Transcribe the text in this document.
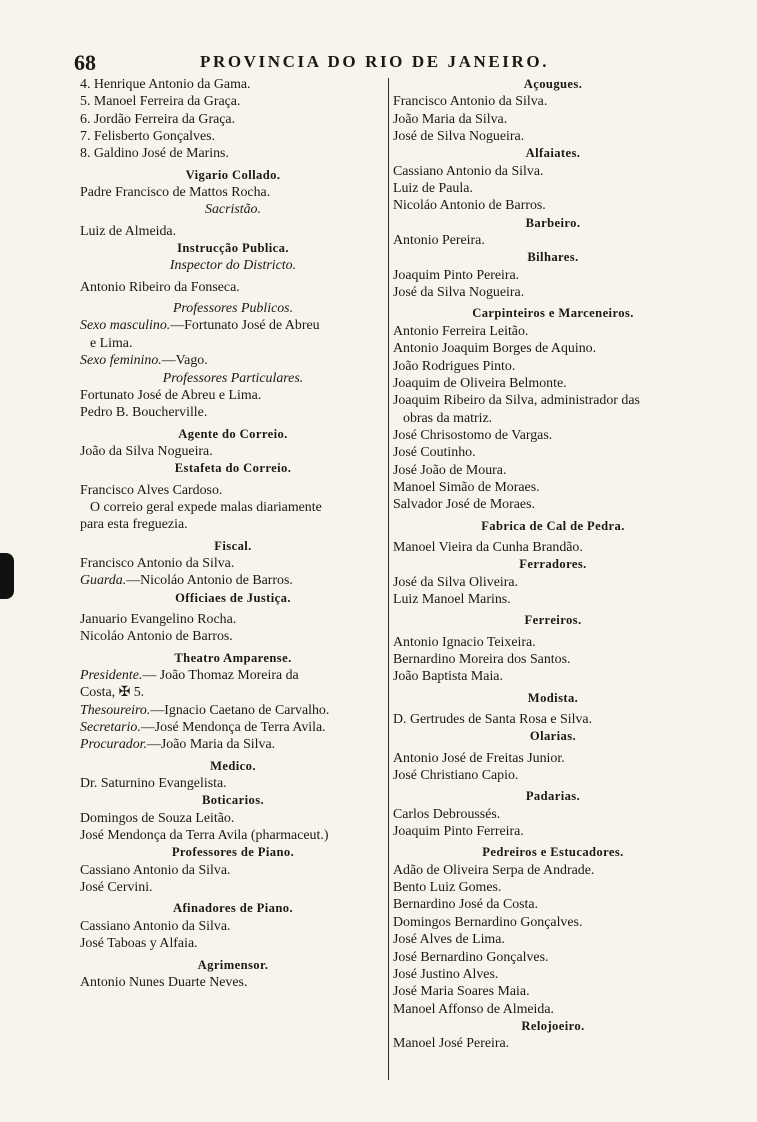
68	PROVINCIA DO RIO DE JANEIRO.
4. Henrique Antonio da Gama.
5. Manoel Ferreira da Graça.
6. Jordão Ferreira da Graça.
7. Felisberto Gonçalves.
8. Galdino José de Marins.
Vigario Collado.
Padre Francisco de Mattos Rocha.
Sacristão.
Luiz de Almeida.
Instrucção Publica.
Inspector do Districto.
Antonio Ribeiro da Fonseca.
Professores Publicos.
Sexo masculino.—Fortunato José de Abreu
e Lima.
Sexo feminino.—Vago.
Professores Particulares.
Fortunato José de Abreu e Lima.
Pedro B. Boucherville.
Agente do Correio.
João da Silva Nogueira.
Estafeta do Correio.
Francisco Alves Cardoso.
O correio geral expede malas diariamente
para esta freguezia.
Fiscal.
Francisco Antonio da Silva.
Guarda.—Nicoláo Antonio de Barros.
Officiaes de Justiça.
Januario Evangelino Rocha.
Nicoláo Antonio de Barros.
Theatro Amparense.
Presidente.— João Thomaz Moreira da
Costa, ✠ 5.
Thesoureiro.—Ignacio Caetano de Carvalho.
Secretario.—José Mendonça de Terra Avila.
Procurador.—João Maria da Silva.
Medico.
Dr. Saturnino Evangelista.
Boticarios.
Domingos de Souza Leitão.
José Mendonça da Terra Avila (pharmaceut.)
Professores de Piano.
Cassiano Antonio da Silva.
José Cervini.
Afinadores de Piano.
Cassiano Antonio da Silva.
José Taboas y Alfaia.
Agrimensor.
Antonio Nunes Duarte Neves.
Açougues.
Francisco Antonio da Silva.
João Maria da Silva.
José de Silva Nogueira.
Alfaiates.
Cassiano Antonio da Silva.
Luiz de Paula.
Nicoláo Antonio de Barros.
Barbeiro.
Antonio Pereira.
Bilhares.
Joaquim Pinto Pereira.
José da Silva Nogueira.
Carpinteiros e Marceneiros.
Antonio Ferreira Leitão.
Antonio Joaquim Borges de Aquino.
João Rodrigues Pinto.
Joaquim de Oliveira Belmonte.
Joaquim Ribeiro da Silva, administrador das
obras da matriz.
José Chrisostomo de Vargas.
José Coutinho.
José João de Moura.
Manoel Simão de Moraes.
Salvador José de Moraes.
Fabrica de Cal de Pedra.
Manoel Vieira da Cunha Brandão.
Ferradores.
José da Silva Oliveira.
Luiz Manoel Marins.
Ferreiros.
Antonio Ignacio Teixeira.
Bernardino Moreira dos Santos.
João Baptista Maia.
Modista.
D. Gertrudes de Santa Rosa e Silva.
Olarias.
Antonio José de Freitas Junior.
José Christiano Capio.
Padarias.
Carlos Debroussés.
Joaquim Pinto Ferreira.
Pedreiros e Estucadores.
Adão de Oliveira Serpa de Andrade.
Bento Luiz Gomes.
Bernardino José da Costa.
Domingos Bernardino Gonçalves.
José Alves de Lima.
José Bernardino Gonçalves.
José Justino Alves.
José Maria Soares Maia.
Manoel Affonso de Almeida.
Relojoeiro.
Manoel José Pereira.
